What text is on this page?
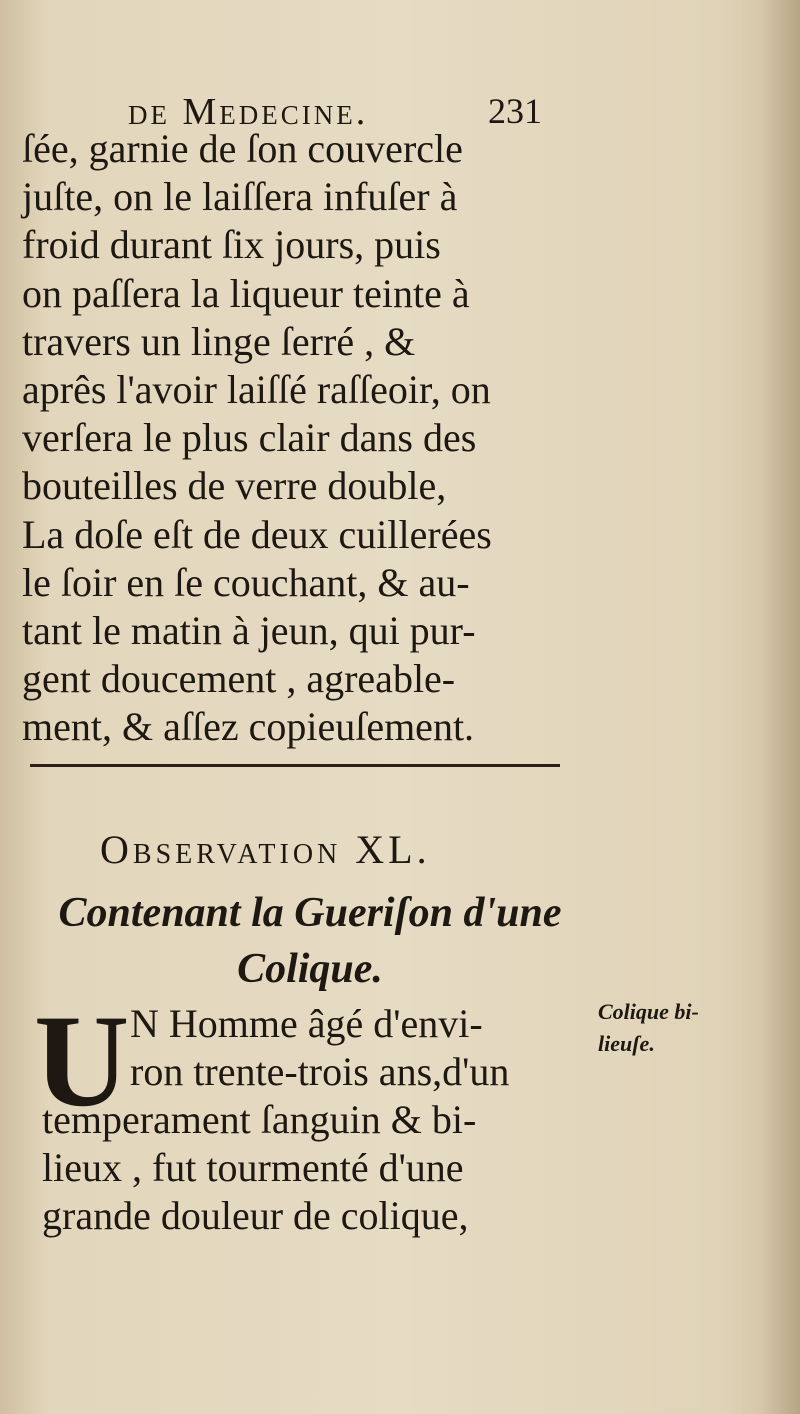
de Medecine.	231
ſée, garnie de ſon couvercle
juſte, on le laiſſera infuſer à
froid durant ſix jours, puis
on paſſera la liqueur teinte à
travers un linge ſerré , &
aprês l'avoir laiſſé raſſeoir, on
verſera le plus clair dans des
bouteilles de verre double,
La doſe eſt de deux cuillerées
le ſoir en ſe couchant, & au-
tant le matin à jeun, qui pur-
gent doucement , agreable-
ment, & aſſez copieuſement.
Observation XL.
Contenant la Gueriſon d'une
Colique.
U N Homme âgé d'envi-
ron trente-trois ans,d'un
temperament ſanguin & bi-
lieux , fut tourmenté d'une
grande douleur de colique,
Colique bi-
lieuſe.
